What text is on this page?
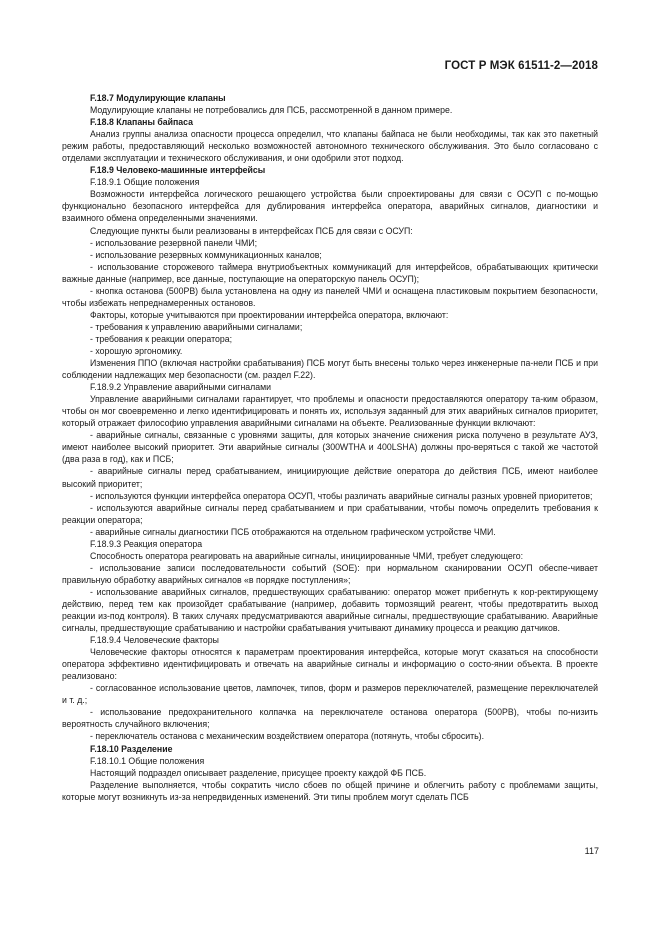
ГОСТ Р МЭК 61511-2—2018

F.18.7 Модулирующие клапаны

Модулирующие клапаны не потребовались для ПСБ, рассмотренной в данном примере.

F.18.8 Клапаны байпаса

Анализ группы анализа опасности процесса определил, что клапаны байпаса не были необходимы, так как это пакетный режим работы, предоставляющий несколько возможностей автономного технического обслуживания. Это было согласовано с отделами эксплуатации и технического обслуживания, и они одобрили этот подход.

F.18.9 Человеко-машинные интерфейсы

F.18.9.1 Общие положения

Возможности интерфейса логического решающего устройства были спроектированы для связи с ОСУП с по-мощью функционально безопасного интерфейса для дублирования интерфейса оператора, аварийных сигналов, диагностики и взаимного обмена определенными значениями.

Следующие пункты были реализованы в интерфейсах ПСБ для связи с ОСУП:

- использование резервной панели ЧМИ;

- использование резервных коммуникационных каналов;

- использование сторожевого таймера внутриобъектных коммуникаций для интерфейсов, обрабатывающих критически важные данные (например, все данные, поступающие на операторскую панель ОСУП);

- кнопка останова (500PB) была установлена на одну из панелей ЧМИ и оснащена пластиковым покрытием безопасности, чтобы избежать непреднамеренных остановов.

Факторы, которые учитываются при проектировании интерфейса оператора, включают:

- требования к управлению аварийными сигналами;

- требования к реакции оператора;

- хорошую эргономику.

Изменения ППО (включая настройки срабатывания) ПСБ могут быть внесены только через инженерные па-нели ПСБ и при соблюдении надлежащих мер безопасности (см. раздел F.22).

F.18.9.2 Управление аварийными сигналами

Управление аварийными сигналами гарантирует, что проблемы и опасности предоставляются оператору та-ким образом, чтобы он мог своевременно и легко идентифицировать и понять их, используя заданный для этих аварийных сигналов приоритет, который отражает философию управления аварийными сигналами на объекте. Реализованные функции включают:

- аварийные сигналы, связанные с уровнями защиты, для которых значение снижения риска получено в результате АУЗ, имеют наиболее высокий приоритет. Эти аварийные сигналы (300WTHA и 400LSHA) должны про-веряться с такой же частотой (два раза в год), как и ПСБ;

- аварийные сигналы перед срабатыванием, инициирующие действие оператора до действия ПСБ, имеют наиболее высокий приоритет;

- используются функции интерфейса оператора ОСУП, чтобы различать аварийные сигналы разных уровней приоритетов;

- используются аварийные сигналы перед срабатыванием и при срабатывании, чтобы помочь определить требования к реакции оператора;

- аварийные сигналы диагностики ПСБ отображаются на отдельном графическом устройстве ЧМИ.

F.18.9.3 Реакция оператора

Способность оператора реагировать на аварийные сигналы, инициированные ЧМИ, требует следующего:

- использование записи последовательности событий (SOE): при нормальном сканировании ОСУП обеспе-чивает правильную обработку аварийных сигналов «в порядке поступления»;

- использование аварийных сигналов, предшествующих срабатыванию: оператор может прибегнуть к кор-ректирующему действию, перед тем как произойдет срабатывание (например, добавить тормозящий реагент, чтобы предотвратить выход реакции из-под контроля). В таких случаях предусматриваются аварийные сигналы, предшествующие срабатыванию. Аварийные сигналы, предшествующие срабатыванию и настройки срабатывания учитывают динамику процесса и реакцию датчиков.

F.18.9.4 Человеческие факторы

Человеческие факторы относятся к параметрам проектирования интерфейса, которые могут сказаться на способности оператора эффективно идентифицировать и отвечать на аварийные сигналы и информацию о состо-янии объекта. В проекте реализовано:

- согласованное использование цветов, лампочек, типов, форм и размеров переключателей, размещение переключателей и т. д.;

- использование предохранительного колпачка на переключателе останова оператора (500PB), чтобы по-низить вероятность случайного включения;

- переключатель останова с механическим воздействием оператора (потянуть, чтобы сбросить).

F.18.10 Разделение

F.18.10.1 Общие положения

Настоящий подраздел описывает разделение, присущее проекту каждой ФБ ПСБ.

Разделение выполняется, чтобы сократить число сбоев по общей причине и облегчить работу с проблемами защиты, которые могут возникнуть из-за непредвиденных изменений. Эти типы проблем могут сделать ПСБ

117
